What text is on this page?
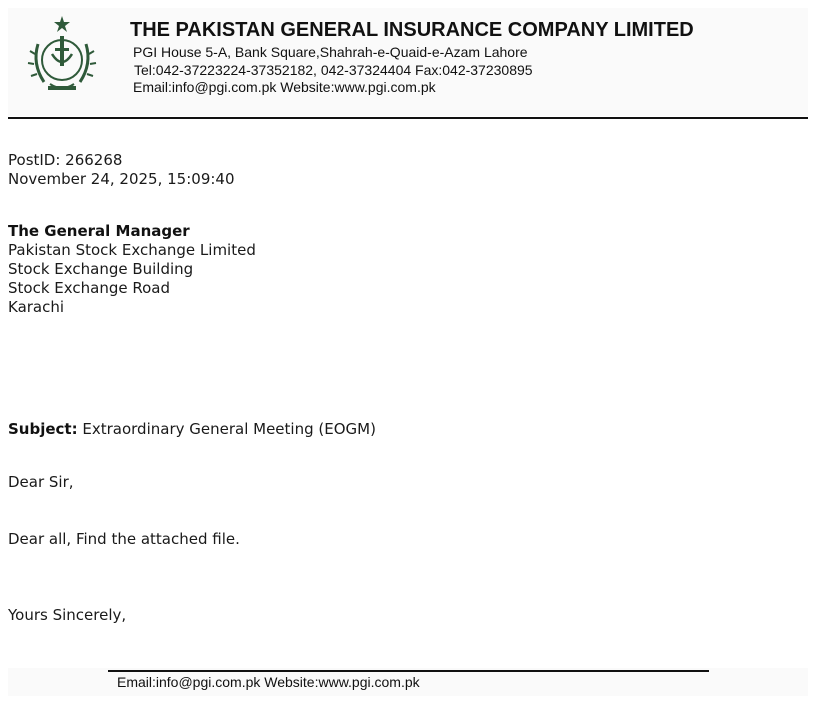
THE PAKISTAN GENERAL INSURANCE COMPANY LIMITED
PGI House 5-A, Bank Square,Shahrah-e-Quaid-e-Azam Lahore
Tel:042-37223224-37352182, 042-37324404 Fax:042-37230895
Email:info@pgi.com.pk Website:www.pgi.com.pk
PostID: 266268
November 24, 2025, 15:09:40
The General Manager
Pakistan Stock Exchange Limited
Stock Exchange Building
Stock Exchange Road
Karachi
Subject: Extraordinary General Meeting (EOGM)
Dear Sir,
Dear all, Find the attached file.
Yours Sincerely,
Email:info@pgi.com.pk Website:www.pgi.com.pk
